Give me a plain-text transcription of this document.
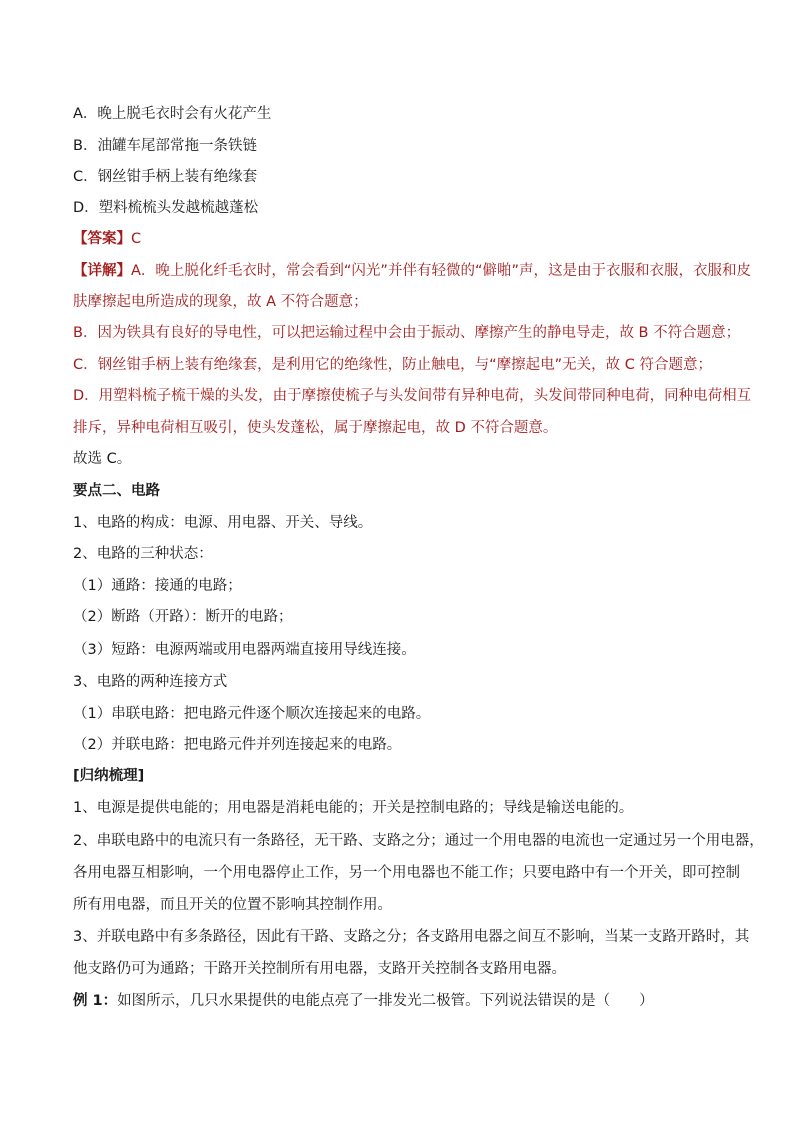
A．晚上脱毛衣时会有火花产生
B．油罐车尾部常拖一条铁链
C．钢丝钳手柄上装有绝缘套
D．塑料梳梳头发越梳越蓬松
【答案】C
【详解】A．晚上脱化纤毛衣时，常会看到“闪光”并伴有轻微的“僻啪”声，这是由于衣服和衣服，衣服和皮
肤摩擦起电所造成的现象，故 A 不符合题意；
B．因为铁具有良好的导电性，可以把运输过程中会由于振动、摩擦产生的静电导走，故 B 不符合题意；
C．钢丝钳手柄上装有绝缘套，是利用它的绝缘性，防止触电，与“摩擦起电”无关，故 C 符合题意；
D．用塑料梳子梳干燥的头发，由于摩擦使梳子与头发间带有异种电荷，头发间带同种电荷，同种电荷相互
排斥，异种电荷相互吸引，使头发蓬松，属于摩擦起电，故 D 不符合题意。
故选 C。
要点二、电路
1、电路的构成：电源、用电器、开关、导线。
2、电路的三种状态：
（1）通路：接通的电路；
（2）断路（开路）：断开的电路；
（3）短路：电源两端或用电器两端直接用导线连接。
3、电路的两种连接方式
（1）串联电路：把电路元件逐个顺次连接起来的电路。
（2）并联电路：把电路元件并列连接起来的电路。
[归纳梳理]
1、电源是提供电能的；用电器是消耗电能的；开关是控制电路的；导线是输送电能的。
2、串联电路中的电流只有一条路径，无干路、支路之分；通过一个用电器的电流也一定通过另一个用电器，
各用电器互相影响，一个用电器停止工作，另一个用电器也不能工作；只要电路中有一个开关，即可控制
所有用电器，而且开关的位置不影响其控制作用。
3、并联电路中有多条路径，因此有干路、支路之分；各支路用电器之间互不影响，当某一支路开路时，其
他支路仍可为通路；干路开关控制所有用电器，支路开关控制各支路用电器。
例 1：如图所示，几只水果提供的电能点亮了一排发光二极管。下列说法错误的是（　　）
